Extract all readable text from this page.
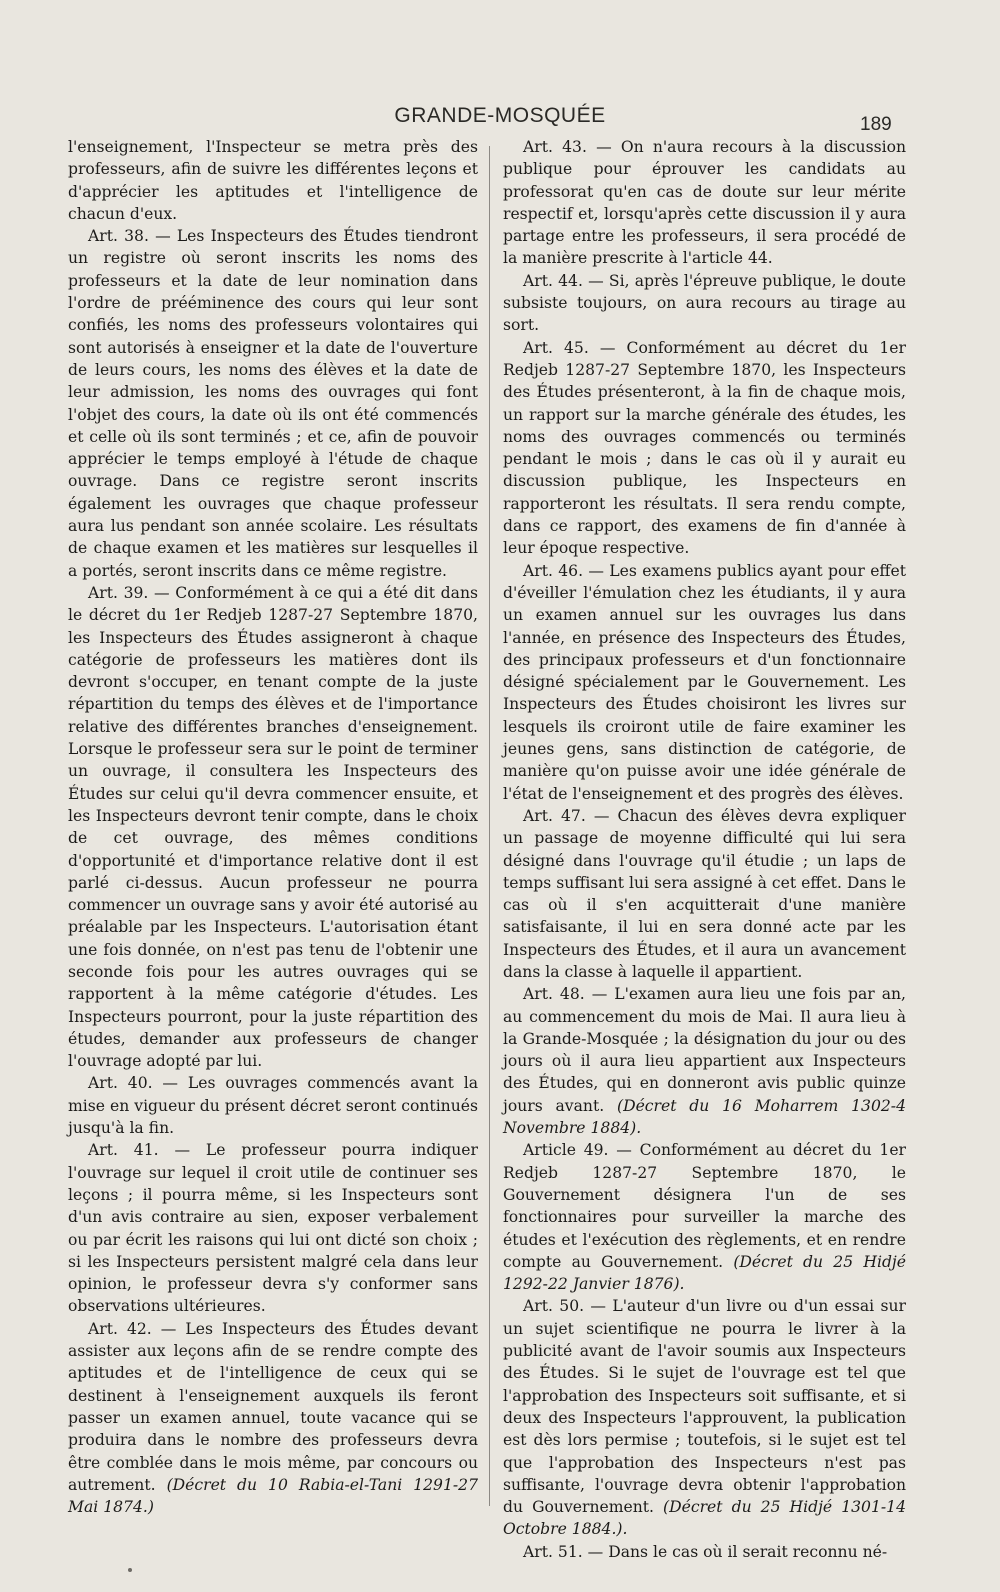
GRANDE-MOSQUÉE	189

l'enseignement, l'Inspecteur se metra près des professeurs, afin de suivre les différentes leçons et d'apprécier les aptitudes et l'intelligence de chacun d'eux.

Art. 38. — Les Inspecteurs des Études tiendront un registre où seront inscrits les noms des professeurs et la date de leur nomination dans l'ordre de prééminence des cours qui leur sont confiés, les noms des professeurs volontaires qui sont autorisés à enseigner et la date de l'ouverture de leurs cours, les noms des élèves et la date de leur admission, les noms des ouvrages qui font l'objet des cours, la date où ils ont été commencés et celle où ils sont terminés ; et ce, afin de pouvoir apprécier le temps employé à l'étude de chaque ouvrage. Dans ce registre seront inscrits également les ouvrages que chaque professeur aura lus pendant son année scolaire. Les résultats de chaque examen et les matières sur lesquelles il a portés, seront inscrits dans ce même registre.

Art. 39. — Conformément à ce qui a été dit dans le décret du 1er Redjeb 1287-27 Septembre 1870, les Inspecteurs des Études assigneront à chaque catégorie de professeurs les matières dont ils devront s'occuper, en tenant compte de la juste répartition du temps des élèves et de l'importance relative des différentes branches d'enseignement. Lorsque le professeur sera sur le point de terminer un ouvrage, il consultera les Inspecteurs des Études sur celui qu'il devra commencer ensuite, et les Inspecteurs devront tenir compte, dans le choix de cet ouvrage, des mêmes conditions d'opportunité et d'importance relative dont il est parlé ci-dessus. Aucun professeur ne pourra commencer un ouvrage sans y avoir été autorisé au préalable par les Inspecteurs. L'autorisation étant une fois donnée, on n'est pas tenu de l'obtenir une seconde fois pour les autres ouvrages qui se rapportent à la même catégorie d'études. Les Inspecteurs pourront, pour la juste répartition des études, demander aux professeurs de changer l'ouvrage adopté par lui.

Art. 40. — Les ouvrages commencés avant la mise en vigueur du présent décret seront continués jusqu'à la fin.

Art. 41. — Le professeur pourra indiquer l'ouvrage sur lequel il croit utile de continuer ses leçons ; il pourra même, si les Inspecteurs sont d'un avis contraire au sien, exposer verbalement ou par écrit les raisons qui lui ont dicté son choix ; si les Inspecteurs persistent malgré cela dans leur opinion, le professeur devra s'y conformer sans observations ultérieures.

Art. 42. — Les Inspecteurs des Études devant assister aux leçons afin de se rendre compte des aptitudes et de l'intelligence de ceux qui se destinent à l'enseignement auxquels ils feront passer un examen annuel, toute vacance qui se produira dans le nombre des professeurs devra être comblée dans le mois même, par concours ou autrement. (Décret du 10 Rabia-el-Tani 1291-27 Mai 1874.)

Art. 43. — On n'aura recours à la discussion publique pour éprouver les candidats au professorat qu'en cas de doute sur leur mérite respectif et, lorsqu'après cette discussion il y aura partage entre les professeurs, il sera procédé de la manière prescrite à l'article 44.

Art. 44. — Si, après l'épreuve publique, le doute subsiste toujours, on aura recours au tirage au sort.

Art. 45. — Conformément au décret du 1er Redjeb 1287-27 Septembre 1870, les Inspecteurs des Études présenteront, à la fin de chaque mois, un rapport sur la marche générale des études, les noms des ouvrages commencés ou terminés pendant le mois ; dans le cas où il y aurait eu discussion publique, les Inspecteurs en rapporteront les résultats. Il sera rendu compte, dans ce rapport, des examens de fin d'année à leur époque respective.

Art. 46. — Les examens publics ayant pour effet d'éveiller l'émulation chez les étudiants, il y aura un examen annuel sur les ouvrages lus dans l'année, en présence des Inspecteurs des Études, des principaux professeurs et d'un fonctionnaire désigné spécialement par le Gouvernement. Les Inspecteurs des Études choisiront les livres sur lesquels ils croiront utile de faire examiner les jeunes gens, sans distinction de catégorie, de manière qu'on puisse avoir une idée générale de l'état de l'enseignement et des progrès des élèves.

Art. 47. — Chacun des élèves devra expliquer un passage de moyenne difficulté qui lui sera désigné dans l'ouvrage qu'il étudie ; un laps de temps suffisant lui sera assigné à cet effet. Dans le cas où il s'en acquitterait d'une manière satisfaisante, il lui en sera donné acte par les Inspecteurs des Études, et il aura un avancement dans la classe à laquelle il appartient.

Art. 48. — L'examen aura lieu une fois par an, au commencement du mois de Mai. Il aura lieu à la Grande-Mosquée ; la désignation du jour ou des jours où il aura lieu appartient aux Inspecteurs des Études, qui en donneront avis public quinze jours avant. (Décret du 16 Moharrem 1302-4 Novembre 1884).

Article 49. — Conformément au décret du 1er Redjeb 1287-27 Septembre 1870, le Gouvernement désignera l'un de ses fonctionnaires pour surveiller la marche des études et l'exécution des règlements, et en rendre compte au Gouvernement. (Décret du 25 Hidjé 1292-22 Janvier 1876).

Art. 50. — L'auteur d'un livre ou d'un essai sur un sujet scientifique ne pourra le livrer à la publicité avant de l'avoir soumis aux Inspecteurs des Études. Si le sujet de l'ouvrage est tel que l'approbation des Inspecteurs soit suffisante, et si deux des Inspecteurs l'approuvent, la publication est dès lors permise ; toutefois, si le sujet est tel que l'approbation des Inspecteurs n'est pas suffisante, l'ouvrage devra obtenir l'approbation du Gouvernement. (Décret du 25 Hidjé 1301-14 Octobre 1884.).

Art. 51. — Dans le cas où il serait reconnu né-
